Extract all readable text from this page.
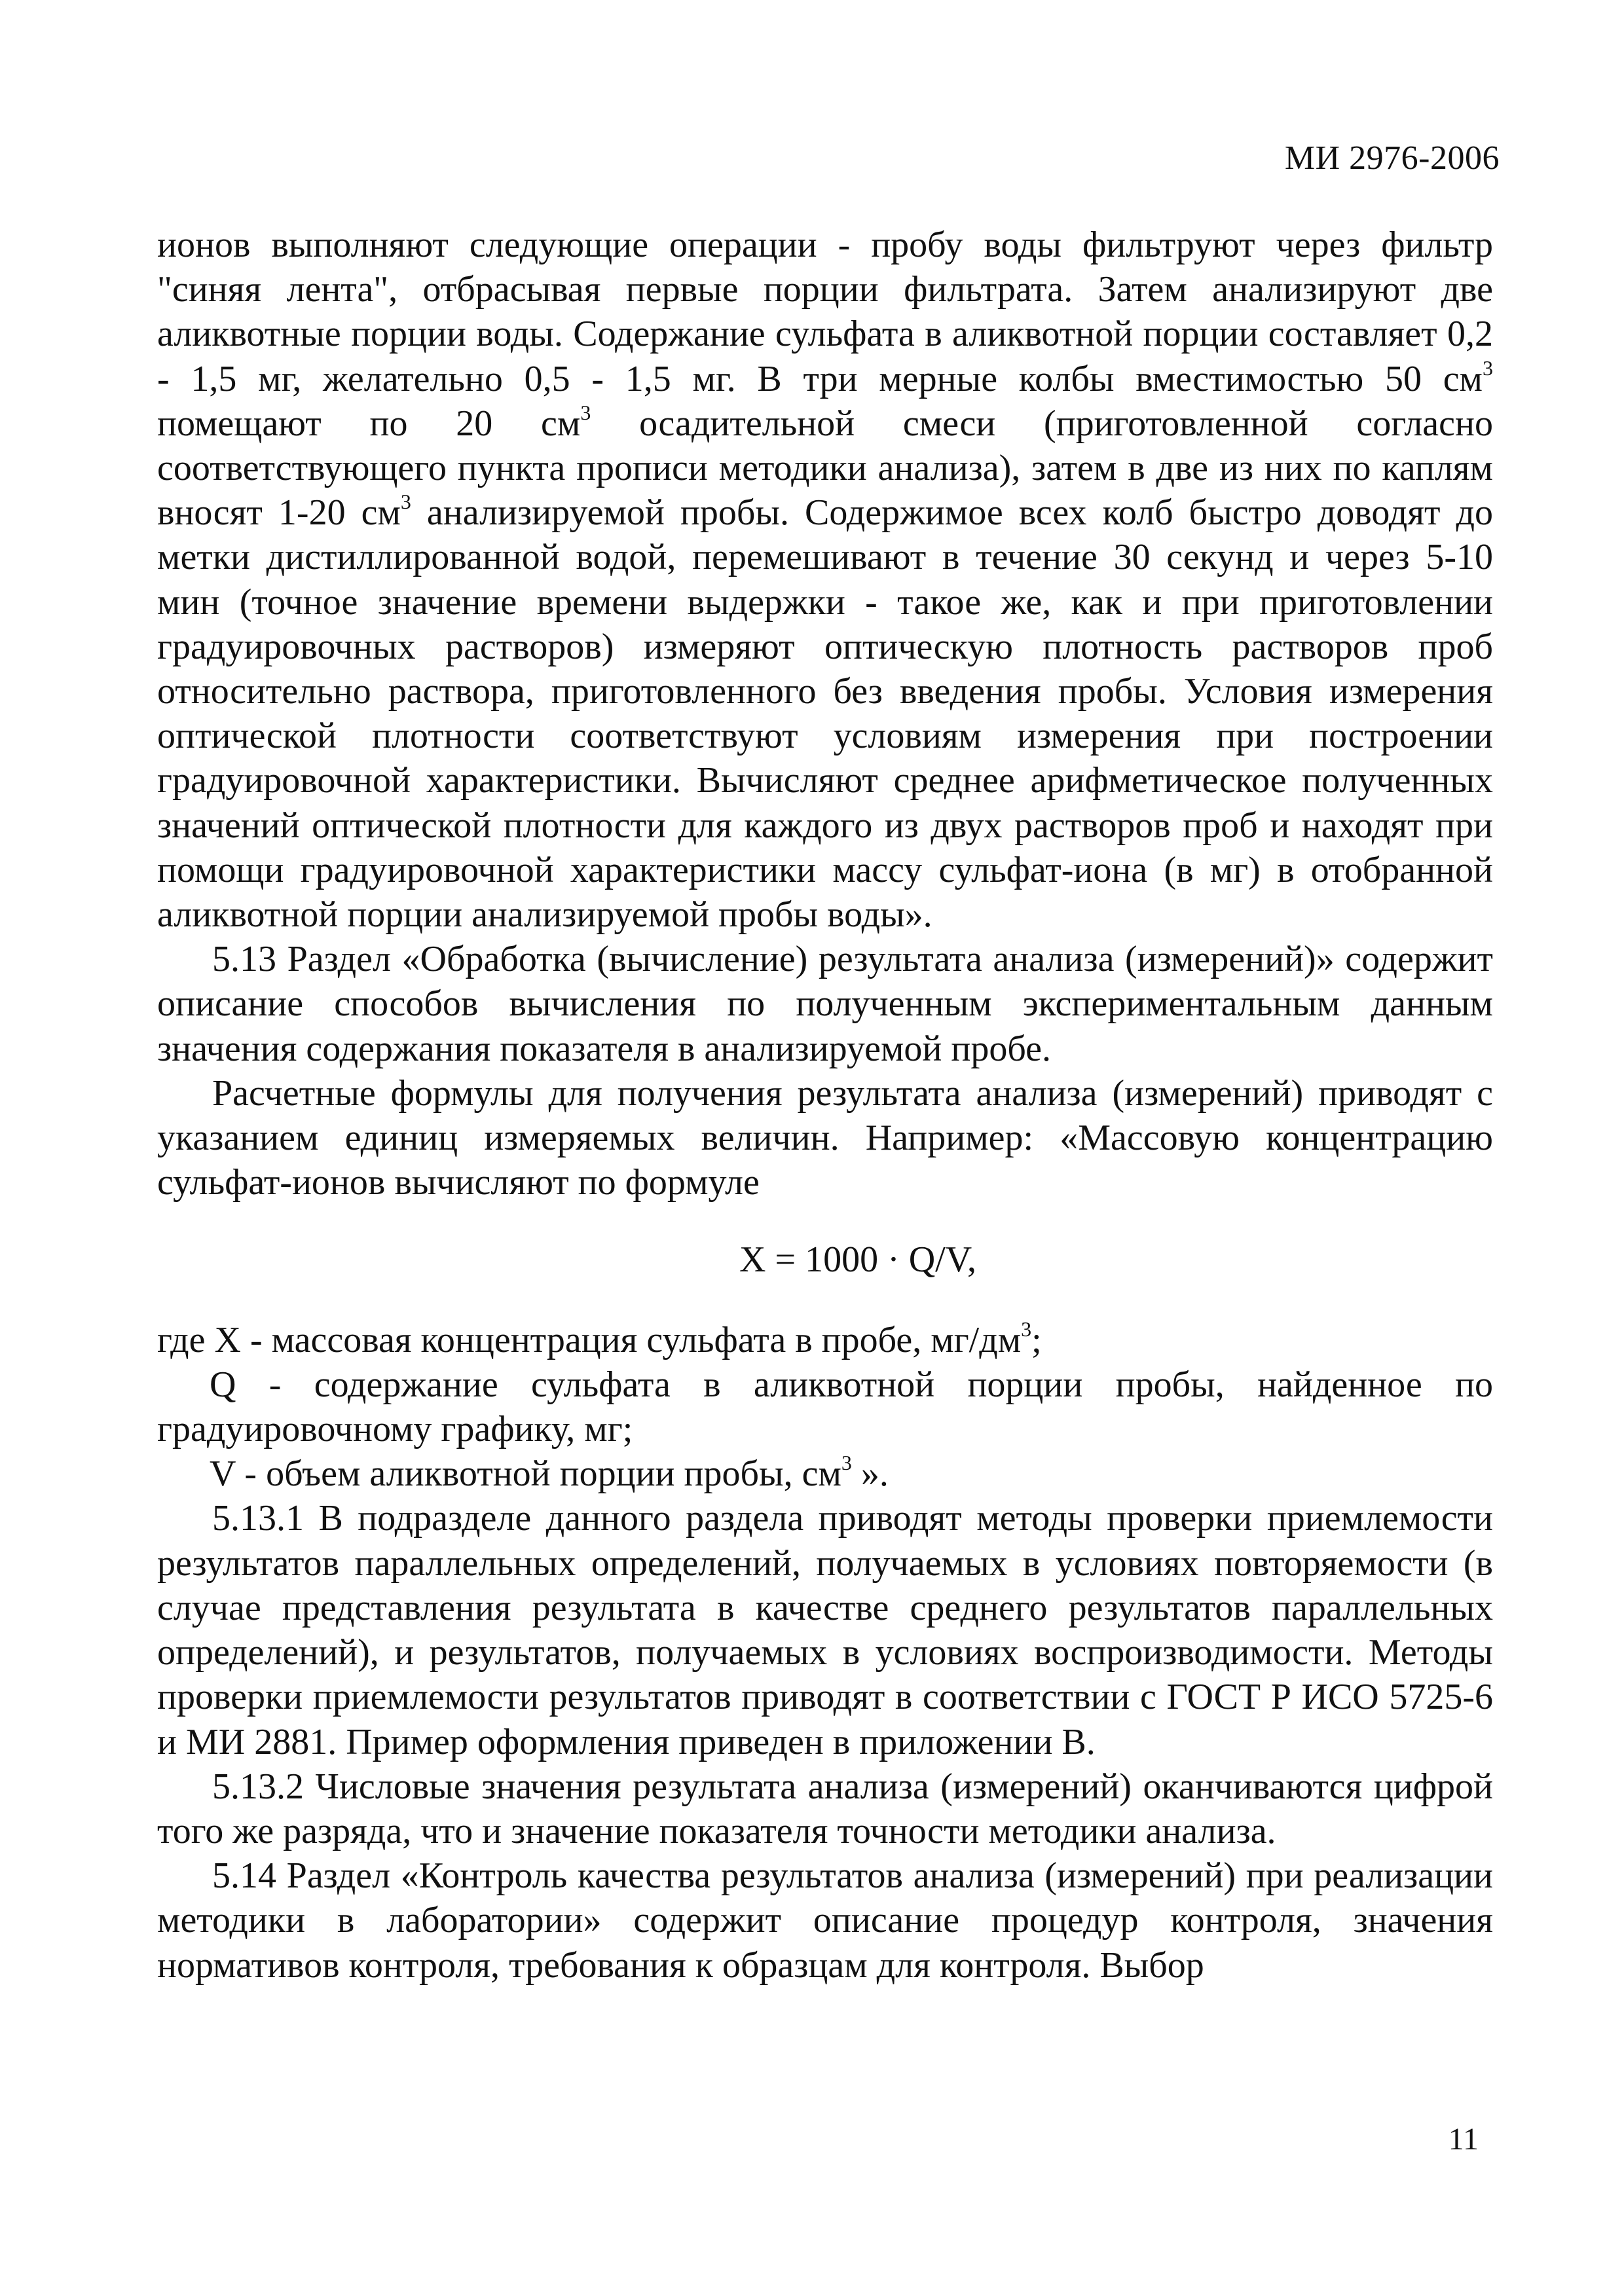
МИ 2976-2006

ионов выполняют следующие операции - пробу воды фильтруют через фильтр "синяя лента", отбрасывая первые порции фильтрата. Затем анализируют две аликвотные порции воды. Содержание сульфата в аликвотной порции составляет 0,2 - 1,5 мг, желательно 0,5 - 1,5 мг. В три мерные колбы вместимостью 50 $см^3$ помещают по 20 $см^3$ осадительной смеси (приготовленной согласно соответствующего пункта прописи методики анализа), затем в две из них по каплям вносят 1-20 $см^3$ анализируемой пробы. Содержимое всех колб быстро доводят до метки дистиллированной водой, перемешивают в течение 30 секунд и через 5-10 мин (точное значение времени выдержки - такое же, как и при приготовлении градуировочных растворов) измеряют оптическую плотность растворов проб относительно раствора, приготовленного без введения пробы. Условия измерения оптической плотности соответствуют условиям измерения при построении градуировочной характеристики. Вычисляют среднее арифметическое полученных значений оптической плотности для каждого из двух растворов проб и находят при помощи градуировочной характеристики массу сульфат-иона (в мг) в отобранной аликвотной порции анализируемой пробы воды».

5.13 Раздел «Обработка (вычисление) результата анализа (измерений)» содержит описание способов вычисления по полученным экспериментальным данным значения содержания показателя в анализируемой пробе.

Расчетные формулы для получения результата анализа (измерений) приводят с указанием единиц измеряемых величин. Например: «Массовую концентрацию сульфат-ионов вычисляют по формуле

X = 1000 · Q/V,

где X - массовая концентрация сульфата в пробе, $мг/дм^3$;

Q - содержание сульфата в аликвотной порции пробы, найденное по градуировочному графику, мг;

V - объем аликвотной порции пробы, $см^3$ ».

5.13.1 В подразделе данного раздела приводят методы проверки приемлемости результатов параллельных определений, получаемых в условиях повторяемости (в случае представления результата в качестве среднего результатов параллельных определений), и результатов, получаемых в условиях воспроизводимости. Методы проверки приемлемости результатов приводят в соответствии с ГОСТ Р ИСО 5725-6 и МИ 2881. Пример оформления приведен в приложении В.

5.13.2 Числовые значения результата анализа (измерений) оканчиваются цифрой того же разряда, что и значение показателя точности методики анализа.

5.14 Раздел «Контроль качества результатов анализа (измерений) при реализации методики в лаборатории» содержит описание процедур контроля, значения нормативов контроля, требования к образцам для контроля. Выбор

11
